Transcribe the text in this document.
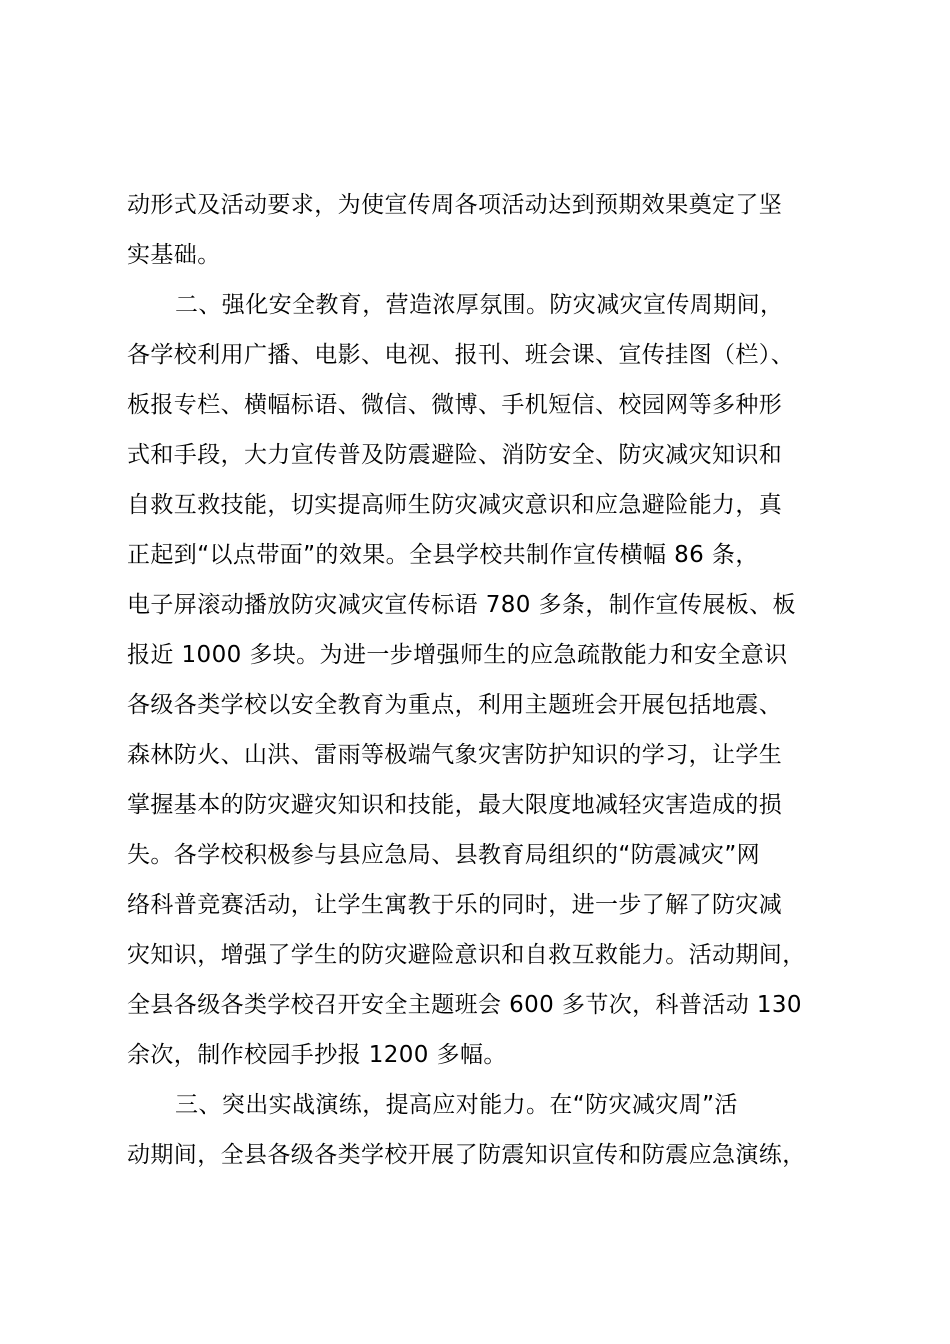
动形式及活动要求，为使宣传周各项活动达到预期效果奠定了坚
实基础。
二、强化安全教育，营造浓厚氛围。防灾减灾宣传周期间，
各学校利用广播、电影、电视、报刊、班会课、宣传挂图（栏）、
板报专栏、横幅标语、微信、微博、手机短信、校园网等多种形
式和手段，大力宣传普及防震避险、消防安全、防灾减灾知识和
自救互救技能，切实提高师生防灾减灾意识和应急避险能力，真
正起到“以点带面”的效果。全县学校共制作宣传横幅 86 条，
电子屏滚动播放防灾减灾宣传标语 780 多条，制作宣传展板、板
报近 1000 多块。为进一步增强师生的应急疏散能力和安全意识
各级各类学校以安全教育为重点，利用主题班会开展包括地震、
森林防火、山洪、雷雨等极端气象灾害防护知识的学习，让学生
掌握基本的防灾避灾知识和技能，最大限度地减轻灾害造成的损
失。各学校积极参与县应急局、县教育局组织的“防震减灾”网
络科普竞赛活动，让学生寓教于乐的同时，进一步了解了防灾减
灾知识，增强了学生的防灾避险意识和自救互救能力。活动期间，
全县各级各类学校召开安全主题班会 600 多节次，科普活动 130
余次，制作校园手抄报 1200 多幅。
三、突出实战演练，提高应对能力。在“防灾减灾周”活
动期间，全县各级各类学校开展了防震知识宣传和防震应急演练，
